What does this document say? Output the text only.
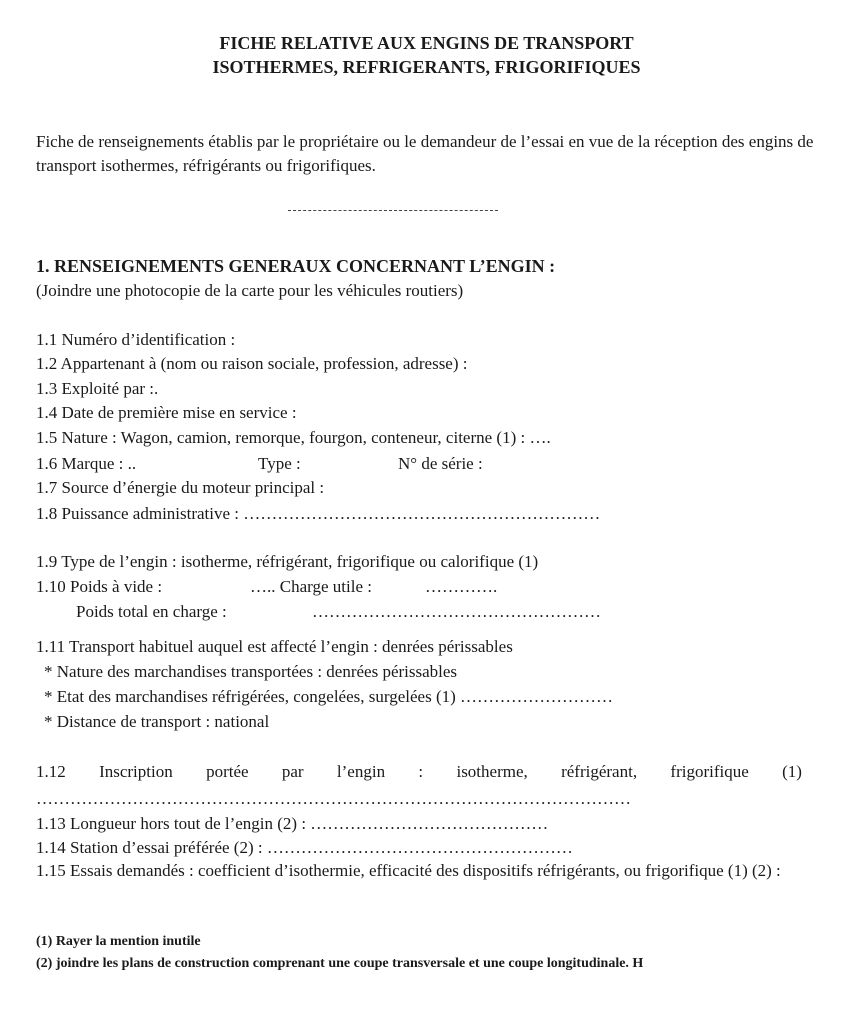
FICHE RELATIVE AUX ENGINS DE TRANSPORT
ISOTHERMES, REFRIGERANTS, FRIGORIFIQUES
Fiche de renseignements établis par le propriétaire ou le demandeur de l’essai en vue de la réception des engins de transport isothermes, réfrigérants ou frigorifiques.
1. RENSEIGNEMENTS GENERAUX CONCERNANT L’ENGIN :
(Joindre une photocopie de la carte pour les véhicules routiers)
1.1 Numéro d’identification :
1.2 Appartenant à (nom ou raison sociale, profession, adresse) :
1.3 Exploité par :.
1.4 Date de première mise en service :
1.5 Nature : Wagon, camion, remorque, fourgon, conteneur, citerne (1) : ….
1.6 Marque : ..	Type :	N° de série :
1.7 Source d’énergie du moteur principal :
1.8 Puissance administrative : ………………………………………………………
1.9 Type de l’engin : isotherme, réfrigérant, frigorifique ou calorifique (1)
1.10 Poids à vide :	….. Charge utile :	………….
Poids total en charge :	……………………………………………
1.11 Transport habituel auquel est affecté l’engin : denrées périssables
* Nature des marchandises transportées : denrées périssables
* Etat des marchandises réfrigérées, congelées, surgelées (1) ………………………
* Distance de transport : national
1.12 Inscription portée par l’engin : isotherme, réfrigérant, frigorifique (1)
……………………………………………………………………………………………
1.13 Longueur hors tout de l’engin (2) : ……………………………………
1.14 Station d’essai préférée (2) : ………………………………………………
1.15 Essais demandés : coefficient d’isothermie, efficacité des dispositifs réfrigérants, ou frigorifique (1) (2) :
(1) Rayer la mention inutile
(2) joindre les plans de construction comprenant une coupe transversale et une coupe longitudinale. H
